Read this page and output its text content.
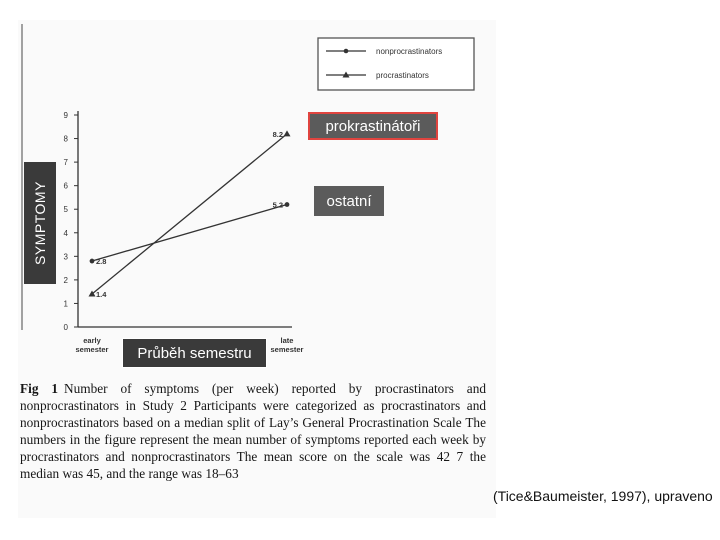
nonprocrastinators
procrastinators
0
1
2
3
4
5
6
7
8
9
early semester
late semester
2.8
5.2
1.4
8.2	prokrastinátoři
ostatní
Průběh semestru
SYMPTOMY
Fig 1 Number of symptoms (per week) reported by procrastinators and nonprocrastinators in Study 2 Participants were categorized as procrastinators and nonprocrastinators based on a median split of Lay’s General Procrastination Scale The numbers in the figure represent the mean number of symptoms reported each week by procrastinators and nonprocrastinators The mean score on the scale was 42 7 the median was 45, and the range was 18–63
(Tice&Baumeister, 1997), upraveno
